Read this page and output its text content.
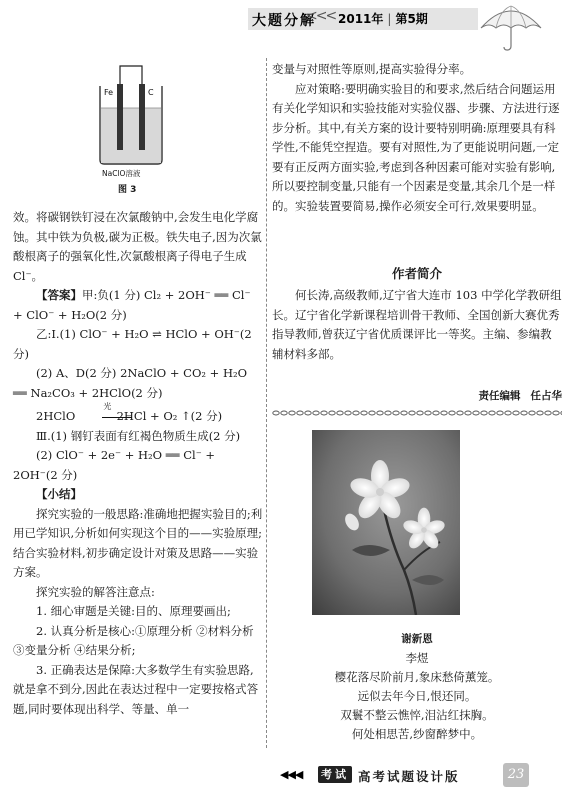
大题分解
<<< 2011年 | 第5期
Fe	C
NaClO溶液
图 3

效。将碳钢铁钉浸在次氯酸钠中,会发生电化学腐蚀。其中铁为负极,碳为正极。铁失电子,因为次氯酸根离子的强氧化性,次氯酸根离子得电子生成Cl⁻。

【答案】甲:负(1 分) Cl₂ + 2OH⁻ ══ Cl⁻ + ClO⁻ + H₂O(2 分)

乙:Ⅰ.(1) ClO⁻ + H₂O ⇌ HClO + OH⁻(2 分)

(2) A、D(2 分) 2NaClO + CO₂ + H₂O ══ Na₂CO₃ + 2HClO(2 分)

2HClO
光
2HCl + O₂ ↑(2 分)

Ⅲ.(1) 钢钉表面有红褐色物质生成(2 分)

(2) ClO⁻ + 2e⁻ + H₂O ══ Cl⁻ + 2OH⁻(2 分)

【小结】

探究实验的一般思路:准确地把握实验目的;利用已学知识,分析如何实现这个目的——实验原理;结合实验材料,初步确定设计对策及思路——实验方案。

探究实验的解答注意点:

1. 细心审题是关键:目的、原理要画出;

2. 认真分析是核心:①原理分析 ②材料分析 ③变量分析 ④结果分析;

3. 正确表达是保障:大多数学生有实验思路,就是拿不到分,因此在表达过程中一定要按格式答题,同时要体现出科学、等量、单一

变量与对照性等原则,提高实验得分率。

应对策略:要明确实验目的和要求,然后结合问题运用有关化学知识和实验技能对实验仪器、步骤、方法进行逐步分析。其中,有关方案的设计要特别明确:原理要具有科学性,不能凭空捏造。要有对照性,为了更能说明问题,一定要有正反两方面实验,考虑到各种因素可能对实验有影响,所以要控制变量,只能有一个因素是变量,其余几个是一样的。实验装置要简易,操作必须安全可行,效果要明显。

作者简介

何长涛,高级教师,辽宁省大连市 103 中学化学教研组长。辽宁省化学新课程培训骨干教师、全国创新大赛优秀指导教师,曾获辽宁省优质课评比一等奖。主编、参编教辅材料多部。

责任编辑 任占华
谢新恩
李煜
樱花落尽阶前月,象床愁倚薰笼。
远似去年今日,恨还同。
双鬟不整云憔悴,泪沾红抹胸。
何处相思苦,纱窗醉梦中。
◀◀◀ 考试 高考试题设计版	23
